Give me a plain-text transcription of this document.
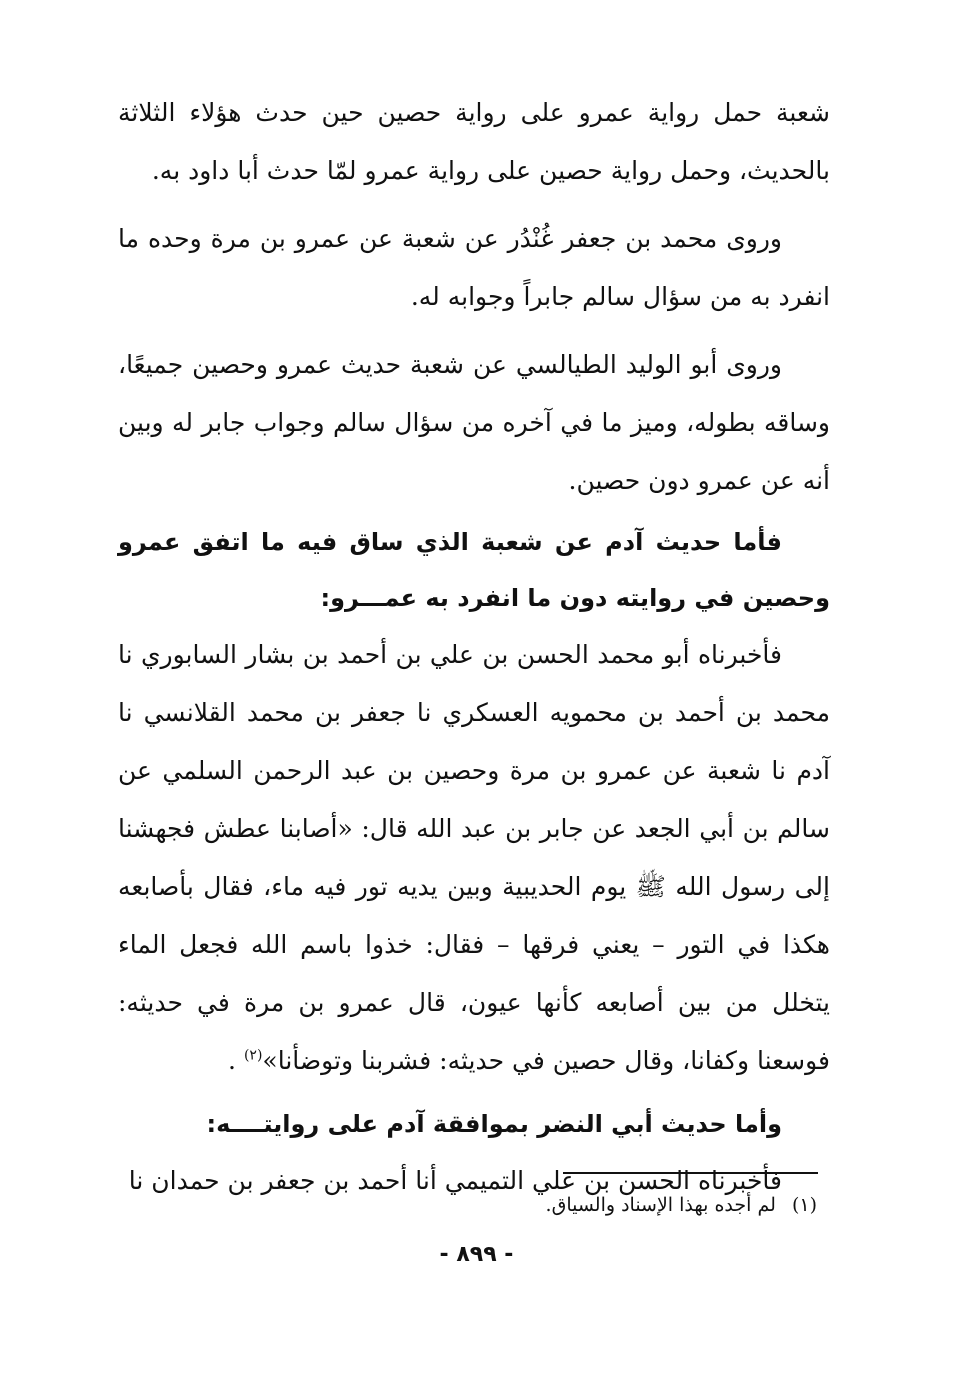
شعبة حمل رواية عمرو على رواية حصين حين حدث هؤلاء الثلاثة بالحديث، وحمل رواية حصين على رواية عمرو لمّا حدث أبا داود به.

وروى محمد بن جعفر غُنْدُر عن شعبة عن عمرو بن مرة وحده ما انفرد به من سؤال سالم جابراً وجوابه له.

وروى أبو الوليد الطيالسي عن شعبة حديث عمرو وحصين جميعًا، وساقه بطوله، وميز ما في آخره من سؤال سالم وجواب جابر له وبين أنه عن عمرو دون حصين.

فأما حديث آدم عن شعبة الذي ساق فيه ما اتفق عمرو وحصين في روايته دون ما انفرد به عمـــرو:

فأخبرناه أبو محمد الحسن بن علي بن أحمد بن بشار السابوري نا محمد بن أحمد بن محمويه العسكري نا جعفر بن محمد القلانسي نا آدم نا شعبة عن عمرو بن مرة وحصين بن عبد الرحمن السلمي عن سالم بن أبي الجعد عن جابر بن عبد الله قال: «أصابنا عطش فجهشنا إلى رسول الله ﷺ يوم الحديبية وبين يديه تور فيه ماء، فقال بأصابعه هكذا في التور – يعني فرقها – فقال: خذوا باسم الله فجعل الماء يتخلل من بين أصابعه كأنها عيون، قال عمرو بن مرة في حديثه: فوسعنا وكفانا، وقال حصين في حديثه: فشربنا وتوضأنا»$^{(٢)}$ .

وأما حديث أبي النضر بموافقة آدم على روايتــــه:

فأخبرناه الحسن بن علي التميمي أنا أحمد بن جعفر بن حمدان نا

(١) لم أجده بهذا الإسناد والسياق.
- ٨٩٩ -
